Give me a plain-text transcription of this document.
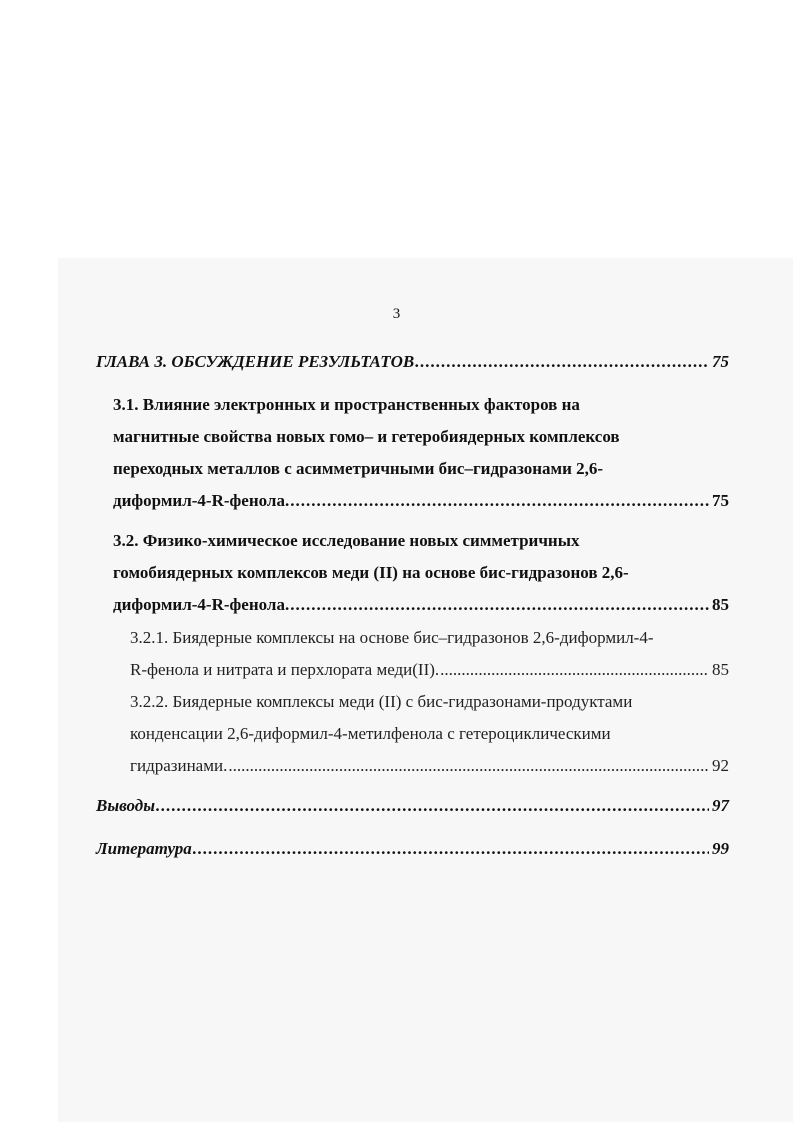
3
ГЛАВА 3. ОБСУЖДЕНИЕ РЕЗУЛЬТАТОВ .....	75
3.1. Влияние электронных и пространственных факторов на
магнитные свойства новых гомо– и гетеробиядерных комплексов
переходных металлов с асимметричными бис–гидразонами 2,6-
диформил-4-R-фенола. .....	75
3.2. Физико-химическое исследование новых симметричных
гомобиядерных комплексов меди (II) на основе бис-гидразонов 2,6-
диформил-4-R-фенола. .....	85
3.2.1. Биядерные комплексы на основе бис–гидразонов 2,6-диформил-4-
R-фенола и нитрата и перхлората меди(II). .....	85
3.2.2. Биядерные комплексы меди (II) с бис-гидразонами-продуктами
конденсации 2,6-диформил-4-метилфенола с гетероциклическими
гидразинами. .....	92
Выводы .....	97
Литература .....	99
